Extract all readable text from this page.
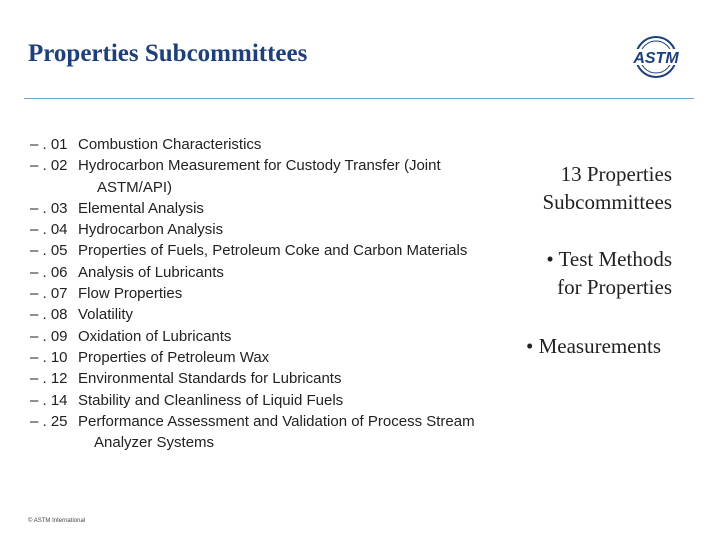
Properties Subcommittees	ASTM
– . 01 Combustion Characteristics
– . 02 Hydrocarbon Measurement for Custody Transfer (Joint
ASTM/API)
– . 03 Elemental Analysis
– . 04 Hydrocarbon Analysis
– . 05 Properties of Fuels, Petroleum Coke and Carbon Materials
– . 06 Analysis of Lubricants
– . 07 Flow Properties
– . 08 Volatility
– . 09 Oxidation of Lubricants
– . 10 Properties of Petroleum Wax
– . 12 Environmental Standards for Lubricants
– . 14 Stability and Cleanliness of Liquid Fuels
– . 25 Performance Assessment and Validation of Process Stream
Analyzer Systems
13 Properties
Subcommittees
• Test Methods
for Properties
• Measurements
© ASTM International
